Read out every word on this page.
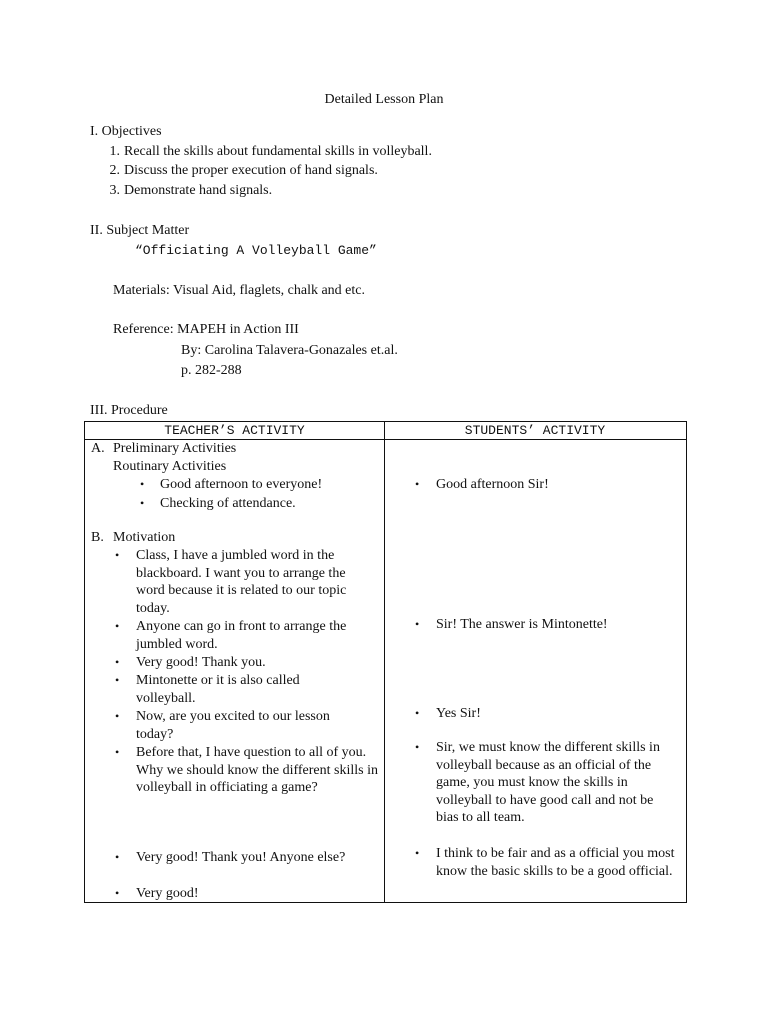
Detailed Lesson Plan
I. Objectives
1. Recall the skills about fundamental skills in volleyball.
2. Discuss the proper execution of hand signals.
3. Demonstrate hand signals.
II. Subject Matter
“Officiating A Volleyball Game”
Materials: Visual Aid, flaglets, chalk and etc.
Reference: MAPEH in Action III
By: Carolina Talavera-Gonazales et.al.
p. 282-288
III. Procedure
TEACHER’S ACTIVITY	STUDENTS’ ACTIVITY
A. Preliminary Activities
Routinary Activities
• Good afternoon to everyone!
• Checking of attendance.
• Good afternoon Sir!
B. Motivation
• Class, I have a jumbled word in the blackboard. I want you to arrange the word because it is related to our topic today.
• Anyone can go in front to arrange the jumbled word.
• Very good! Thank you.
• Mintonette or it is also called volleyball.
• Now, are you excited to our lesson today?
• Before that, I have question to all of you. Why we should know the different skills in volleyball in officiating a game?
• Very good! Thank you! Anyone else?
• Very good!
• Sir! The answer is Mintonette!
• Yes Sir!
• Sir, we must know the different skills in volleyball because as an official of the game, you must know the skills in volleyball to have good call and not be bias to all team.
• I think to be fair and as a official you most know the basic skills to be a good official.
